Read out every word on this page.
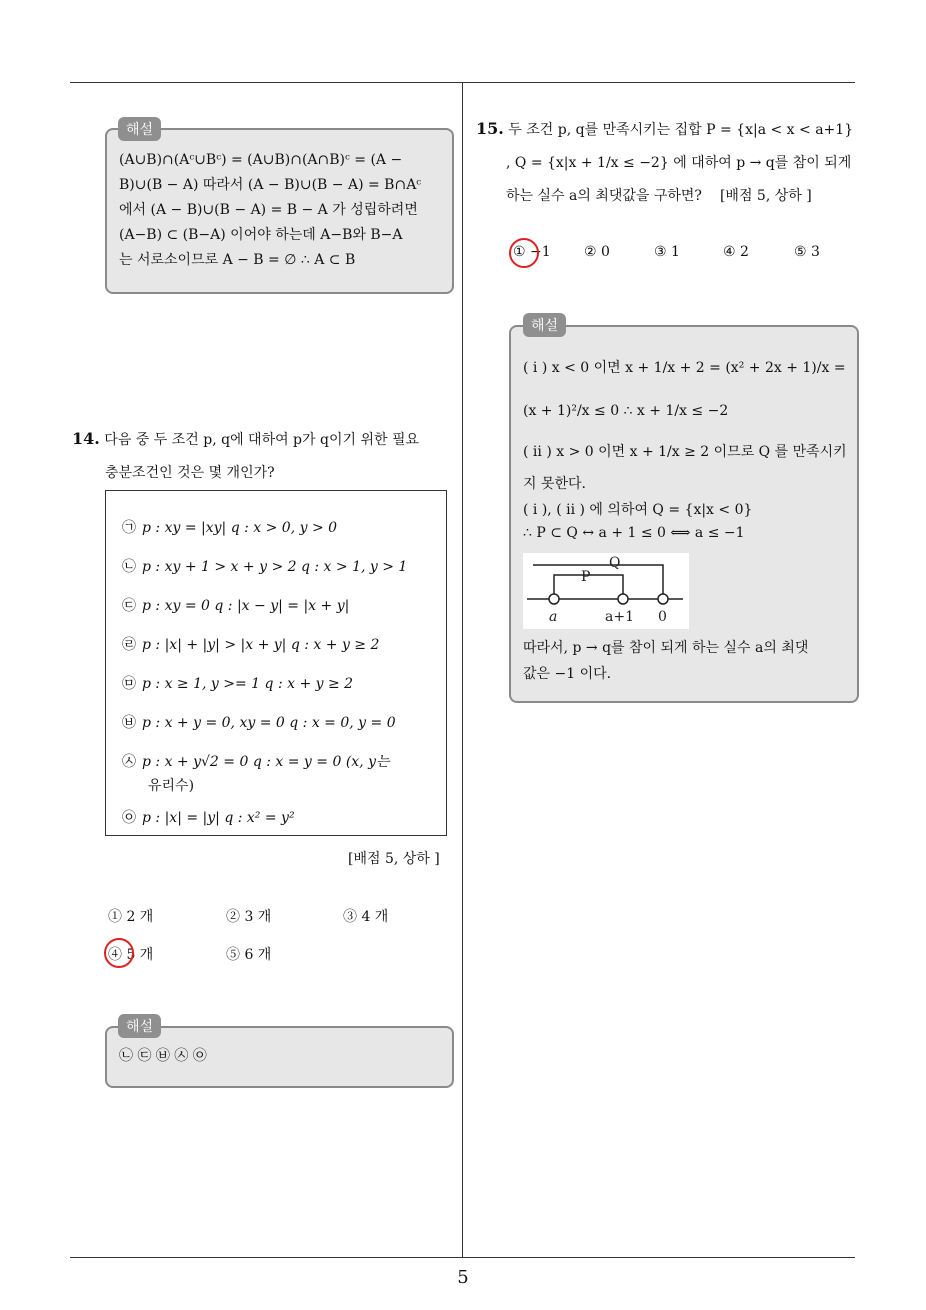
(A∪B)∩(Aᶜ∪Bᶜ) = (A∪B)∩(A∩B)ᶜ = (A −
B)∪(B − A) 따라서 (A − B)∪(B − A) = B∩Aᶜ
에서 (A − B)∪(B − A) = B − A 가 성립하려면
(A−B) ⊂ (B−A) 이어야 하는데 A−B와 B−A
는 서로소이므로 A − B = ∅ ∴ A ⊂ B
해설
14. 다음 중 두 조건 p, q에 대하여 p가 q이기 위한 필요
충분조건인 것은 몇 개인가?
㉠ p : xy = |xy| q : x > 0, y > 0
㉡ p : xy + 1 > x + y > 2 q : x > 1, y > 1
㉢ p : xy = 0 q : |x − y| = |x + y|
㉣ p : |x| + |y| > |x + y| q : x + y ≥ 2
㉤ p : x ≥ 1, y >= 1 q : x + y ≥ 2
㉥ p : x + y = 0, xy = 0 q : x = 0, y = 0
㉦ p : x + y√2 = 0 q : x = y = 0 (x, y는
유리수)
㉧ p : |x| = |y| q : x² = y²
[배점 5, 상하 ]
① 2 개	② 3 개	③ 4 개
④ 5 개	⑤ 6 개
㉡ ㉢ ㉥ ㉦ ㉧
해설
15. 두 조건 p, q를 만족시키는 집합 P = {x|a < x < a+1}
, Q = {x|x + 1/x ≤ −2} 에 대하여 p → q를 참이 되게
하는 실수 a의 최댓값을 구하면? [배점 5, 상하 ]
① −1 ② 0	③ 1	④ 2	⑤ 3
( i ) x < 0 이면 x + 1/x + 2 = (x² + 2x + 1)/x =
(x + 1)²/x ≤ 0 ∴ x + 1/x ≤ −2
( ii ) x > 0 이면 x + 1/x ≥ 2 이므로 Q 를 만족시키
지 못한다.
( i ), ( ii ) 에 의하여 Q = {x|x < 0}
∴ P ⊂ Q ↔ a + 1 ≤ 0 ⟺ a ≤ −1
Q
P
a	a+1 0
따라서, p → q를 참이 되게 하는 실수 a의 최댓
값은 −1 이다.
해설
5
